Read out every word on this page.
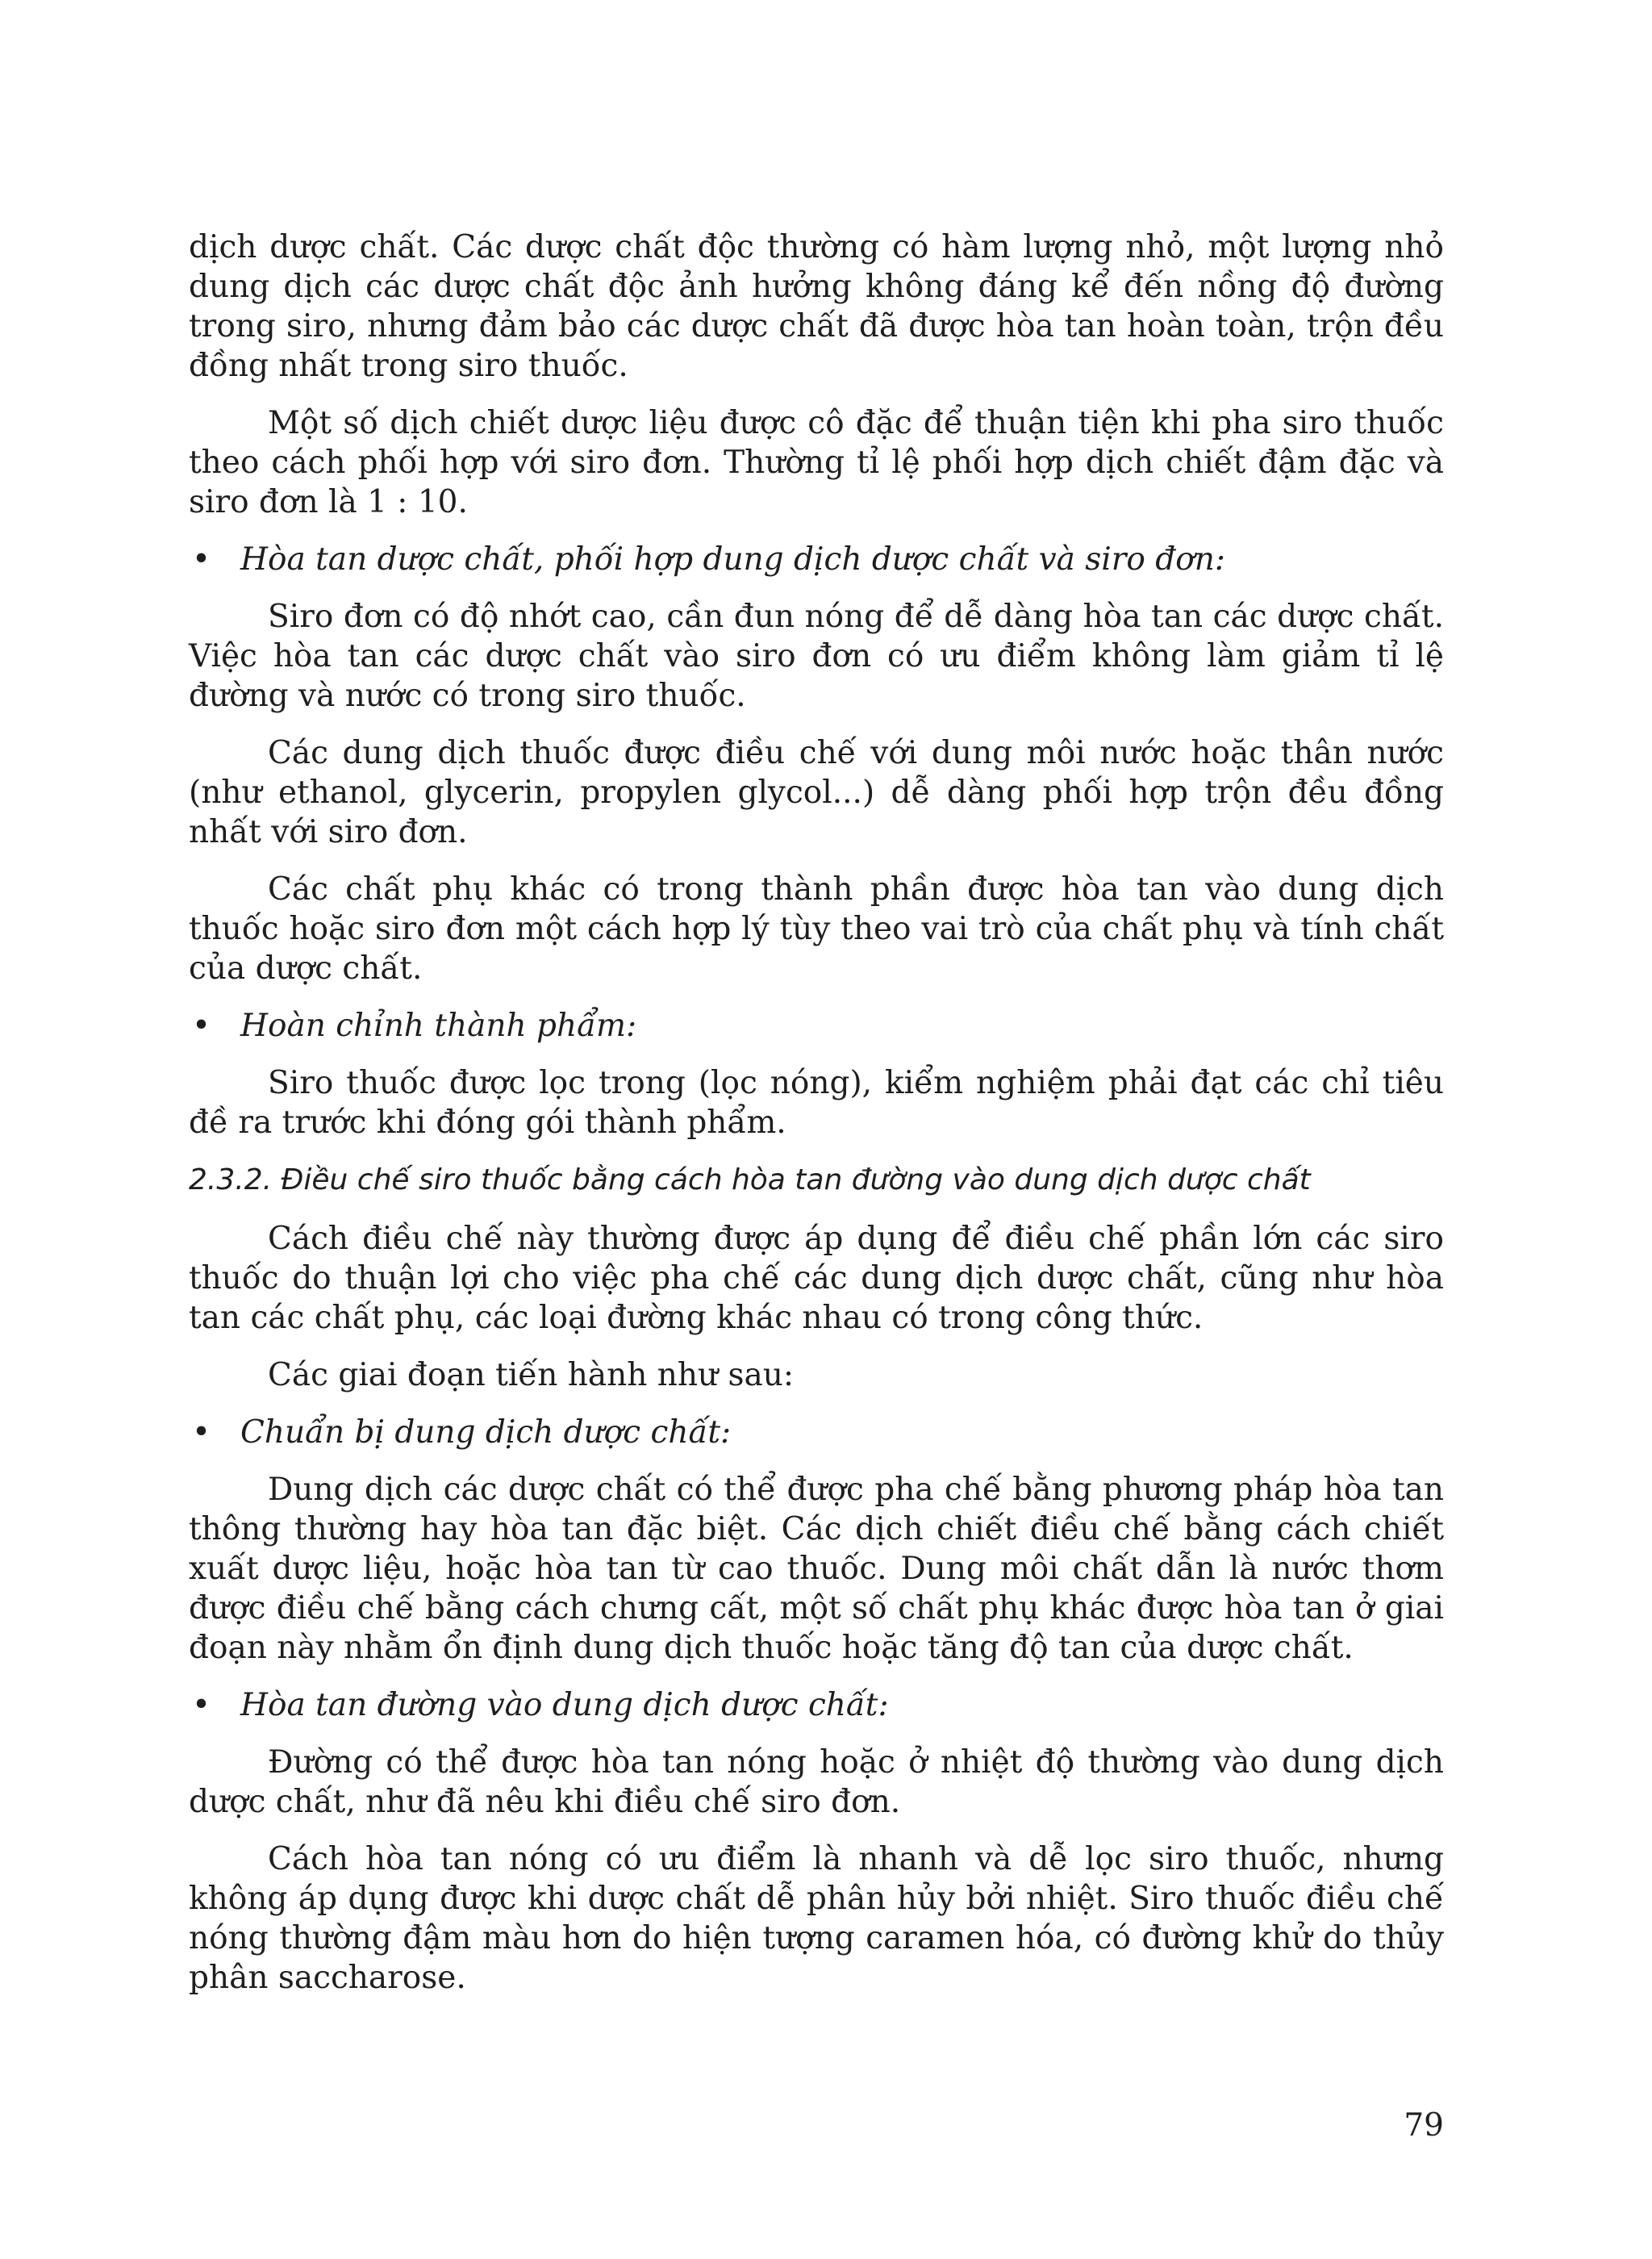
dịch dược chất. Các dược chất độc thường có hàm lượng nhỏ, một lượng nhỏ dung dịch các dược chất độc ảnh hưởng không đáng kể đến nồng độ đường trong siro, nhưng đảm bảo các dược chất đã được hòa tan hoàn toàn, trộn đều đồng nhất trong siro thuốc.

Một số dịch chiết dược liệu được cô đặc để thuận tiện khi pha siro thuốc theo cách phối hợp với siro đơn. Thường tỉ lệ phối hợp dịch chiết đậm đặc và siro đơn là 1 : 10.

• Hòa tan dược chất, phối hợp dung dịch dược chất và siro đơn:

Siro đơn có độ nhớt cao, cần đun nóng để dễ dàng hòa tan các dược chất. Việc hòa tan các dược chất vào siro đơn có ưu điểm không làm giảm tỉ lệ đường và nước có trong siro thuốc.

Các dung dịch thuốc được điều chế với dung môi nước hoặc thân nước (như ethanol, glycerin, propylen glycol...) dễ dàng phối hợp trộn đều đồng nhất với siro đơn.

Các chất phụ khác có trong thành phần được hòa tan vào dung dịch thuốc hoặc siro đơn một cách hợp lý tùy theo vai trò của chất phụ và tính chất của dược chất.

• Hoàn chỉnh thành phẩm:

Siro thuốc được lọc trong (lọc nóng), kiểm nghiệm phải đạt các chỉ tiêu đề ra trước khi đóng gói thành phẩm.

2.3.2. Điều chế siro thuốc bằng cách hòa tan đường vào dung dịch dược chất

Cách điều chế này thường được áp dụng để điều chế phần lớn các siro thuốc do thuận lợi cho việc pha chế các dung dịch dược chất, cũng như hòa tan các chất phụ, các loại đường khác nhau có trong công thức.

Các giai đoạn tiến hành như sau:

• Chuẩn bị dung dịch dược chất:

Dung dịch các dược chất có thể được pha chế bằng phương pháp hòa tan thông thường hay hòa tan đặc biệt. Các dịch chiết điều chế bằng cách chiết xuất dược liệu, hoặc hòa tan từ cao thuốc. Dung môi chất dẫn là nước thơm được điều chế bằng cách chưng cất, một số chất phụ khác được hòa tan ở giai đoạn này nhằm ổn định dung dịch thuốc hoặc tăng độ tan của dược chất.

• Hòa tan đường vào dung dịch dược chất:

Đường có thể được hòa tan nóng hoặc ở nhiệt độ thường vào dung dịch dược chất, như đã nêu khi điều chế siro đơn.

Cách hòa tan nóng có ưu điểm là nhanh và dễ lọc siro thuốc, nhưng không áp dụng được khi dược chất dễ phân hủy bởi nhiệt. Siro thuốc điều chế nóng thường đậm màu hơn do hiện tượng caramen hóa, có đường khử do thủy phân saccharose.

79
